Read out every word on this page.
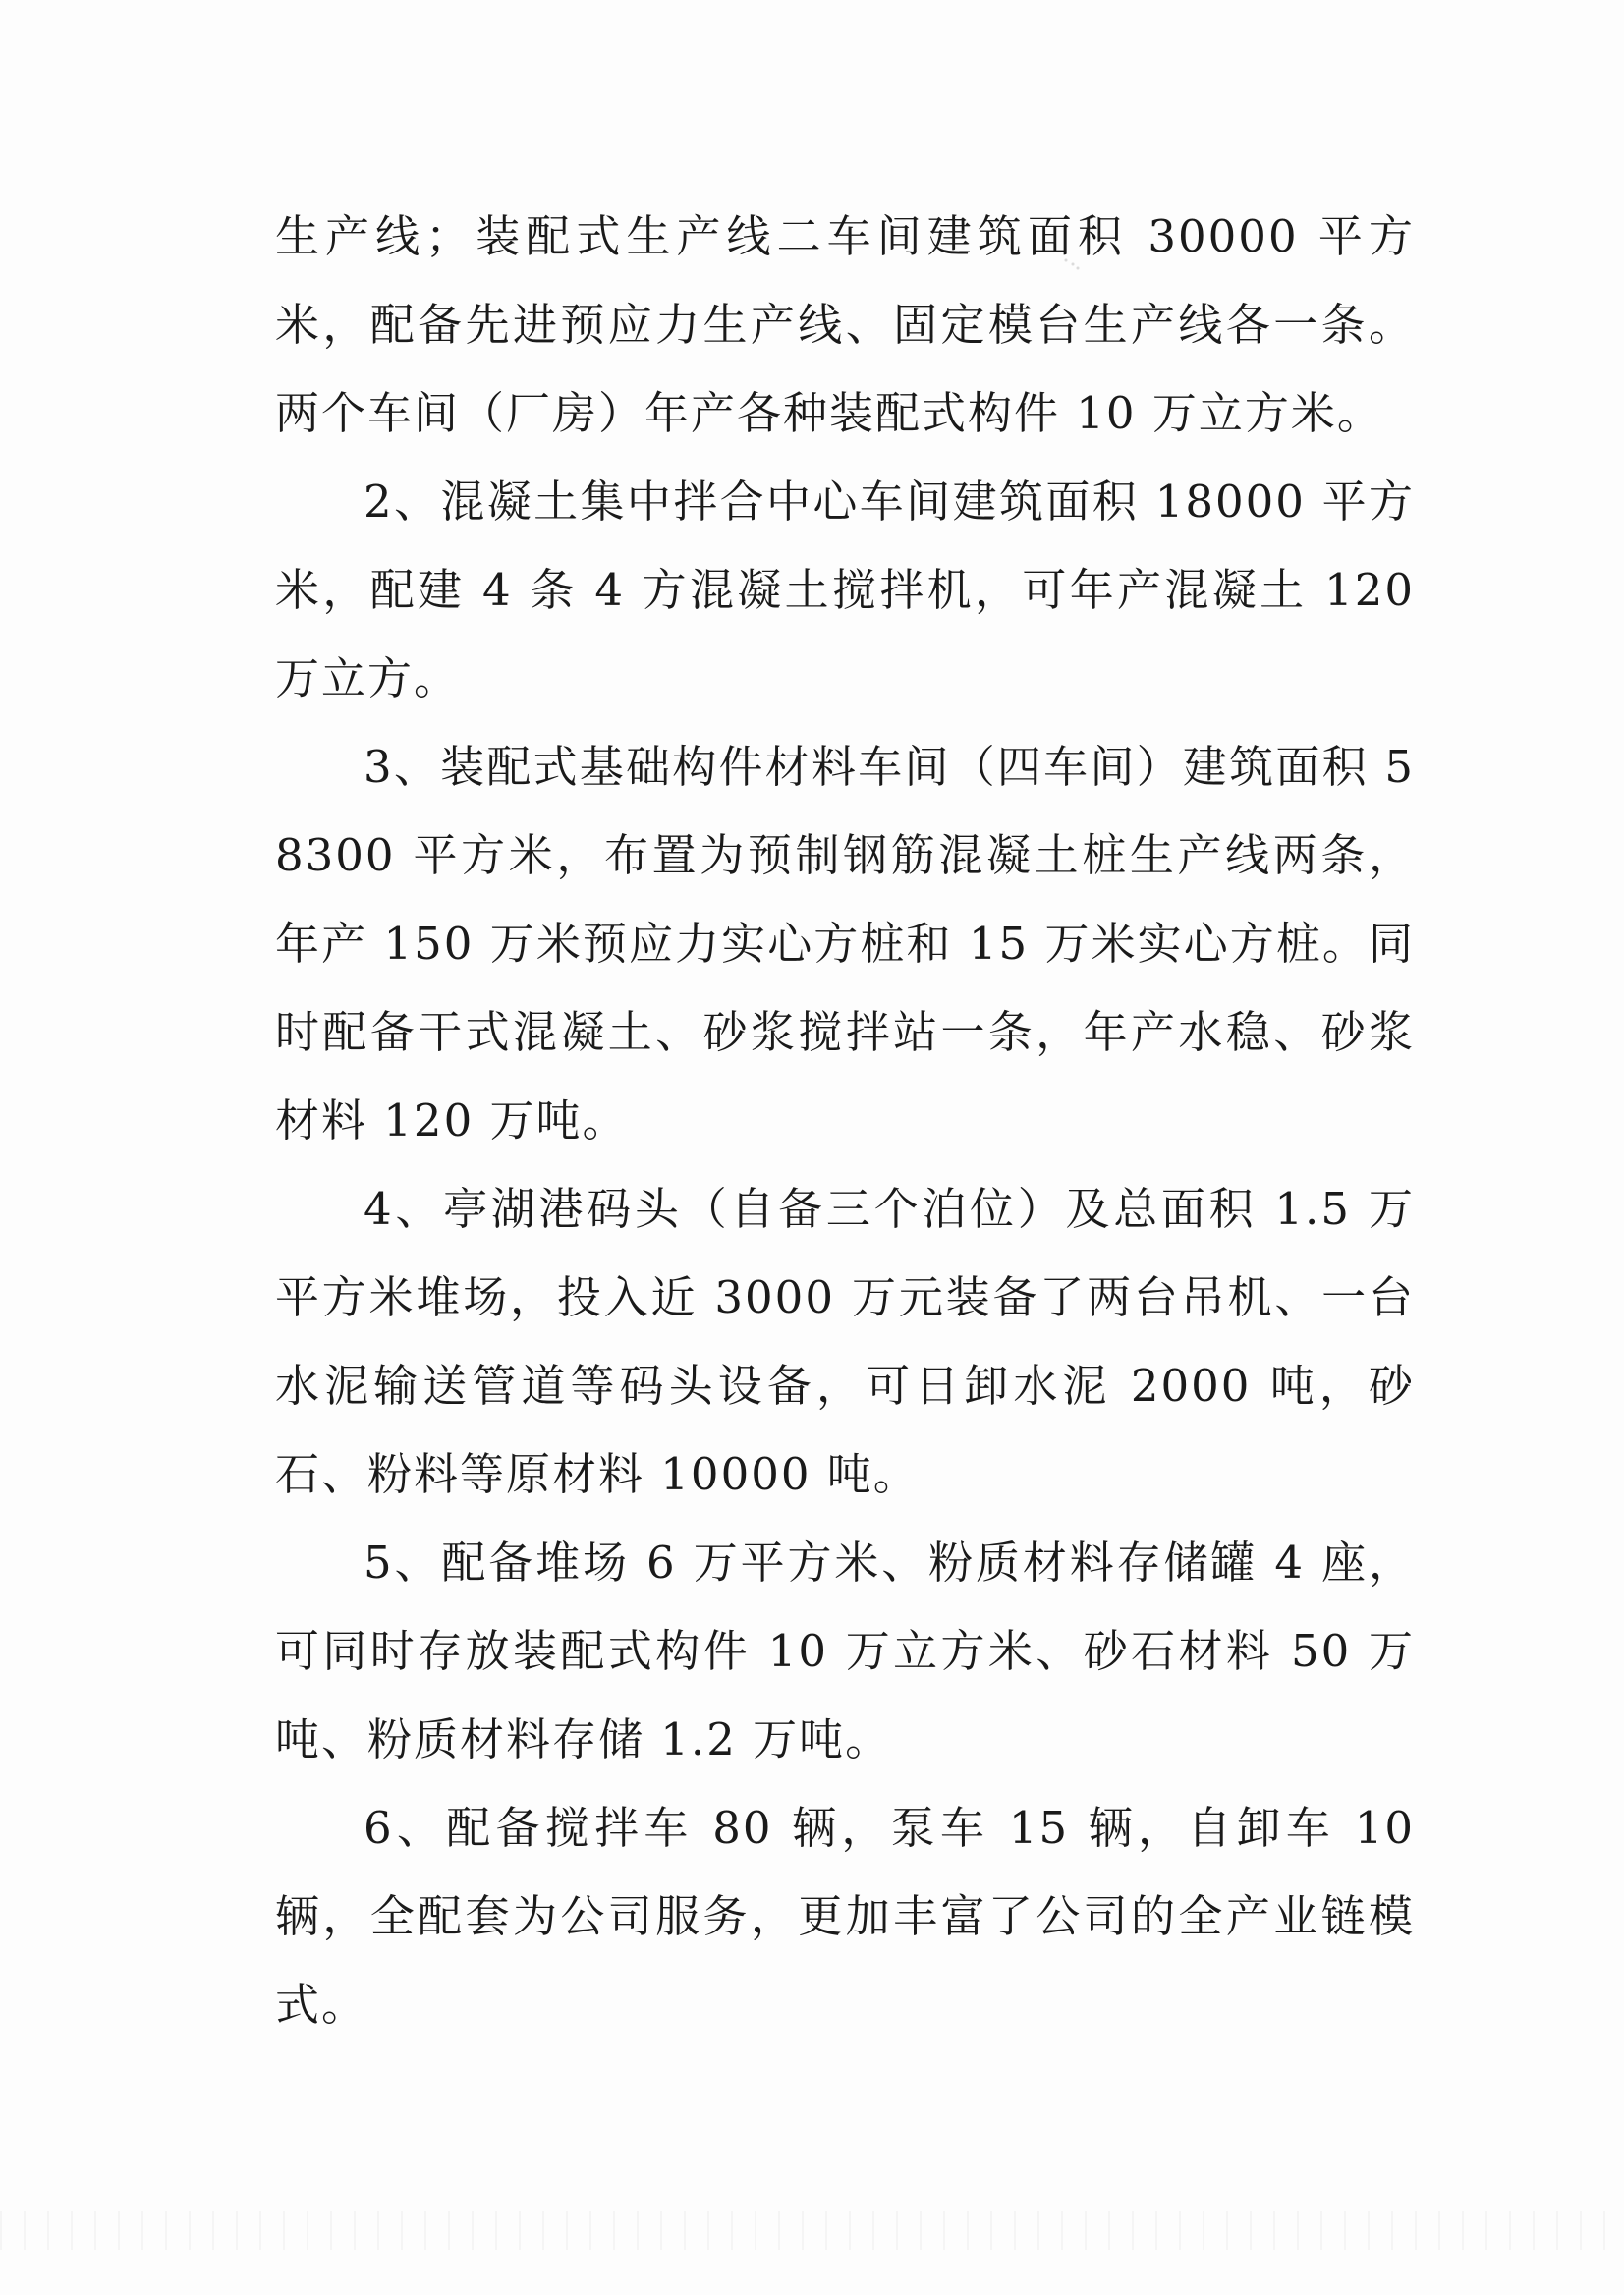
生产线；装配式生产线二车间建筑面积 30000 平方米，配备先进预应力生产线、固定模台生产线各一条。两个车间（厂房）年产各种装配式构件 10 万立方米。

2、混凝土集中拌合中心车间建筑面积 18000 平方米，配建 4 条 4 方混凝土搅拌机，可年产混凝土 120 万立方。

3、装配式基础构件材料车间（四车间）建筑面积 58300 平方米，布置为预制钢筋混凝土桩生产线两条，年产 150 万米预应力实心方桩和 15 万米实心方桩。同时配备干式混凝土、砂浆搅拌站一条，年产水稳、砂浆材料 120 万吨。

4、亭湖港码头（自备三个泊位）及总面积 1.5 万平方米堆场，投入近 3000 万元装备了两台吊机、一台水泥输送管道等码头设备，可日卸水泥 2000 吨，砂石、粉料等原材料 10000 吨。

5、配备堆场 6 万平方米、粉质材料存储罐 4 座，可同时存放装配式构件 10 万立方米、砂石材料 50 万吨、粉质材料存储 1.2 万吨。

6、配备搅拌车 80 辆，泵车 15 辆，自卸车 10 辆，全配套为公司服务，更加丰富了公司的全产业链模式。
